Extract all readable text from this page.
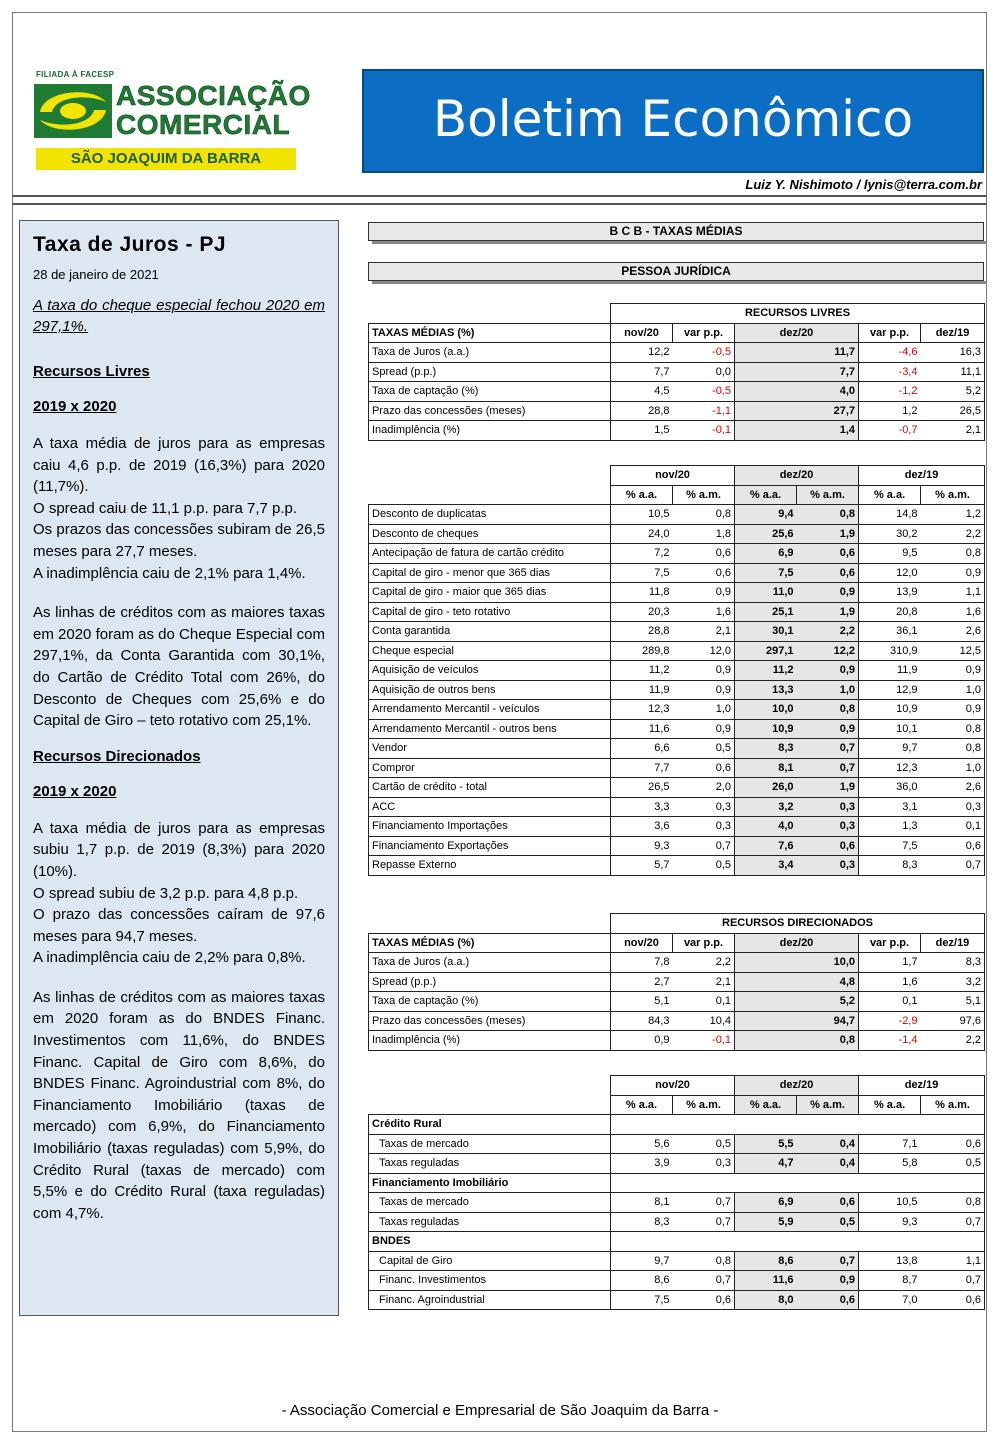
FILIADA À FACESP
ASSOCIAÇÃO
COMERCIAL
SÃO JOAQUIM DA BARRA
Boletim Econômico
Luiz Y. Nishimoto / lynis@terra.com.br
Taxa de Juros - PJ
28 de janeiro de 2021
A taxa do cheque especial fechou 2020 em 297,1%.
Recursos Livres
2019 x 2020

A taxa média de juros para as empresas caiu 4,6 p.p. de 2019 (16,3%) para 2020 (11,7%).
O spread caiu de 11,1 p.p. para 7,7 p.p.
Os prazos das concessões subiram de 26,5 meses para 27,7 meses.
A inadimplência caiu de 2,1% para 1,4%.

As linhas de créditos com as maiores taxas em 2020 foram as do Cheque Especial com 297,1%, da Conta Garantida com 30,1%, do Cartão de Crédito Total com 26%, do Desconto de Cheques com 25,6% e do Capital de Giro – teto rotativo com 25,1%.

Recursos Direcionados
2019 x 2020

A taxa média de juros para as empresas subiu 1,7 p.p. de 2019 (8,3%) para 2020 (10%).
O spread subiu de 3,2 p.p. para 4,8 p.p.
O prazo das concessões caíram de 97,6 meses para 94,7 meses.
A inadimplência caiu de 2,2% para 0,8%.

As linhas de créditos com as maiores taxas em 2020 foram as do BNDES Financ. Investimentos com 11,6%, do BNDES Financ. Capital de Giro com 8,6%, do BNDES Financ. Agroindustrial com 8%, do Financiamento Imobiliário (taxas de mercado) com 6,9%, do Financiamento Imobiliário (taxas reguladas) com 5,9%, do Crédito Rural (taxas de mercado) com 5,5% e do Crédito Rural (taxa reguladas) com 4,7%.

B C B - TAXAS MÉDIAS
PESSOA JURÍDICA
	RECURSOS LIVRES				
TAXAS MÉDIAS (%)	nov/20	var p.p.	dez/20	var p.p.	dez/19
Taxa de Juros (a.a.)	12,2	-0,5	11,7	-4,6	16,3
Spread (p.p.)	7,7	0,0	7,7	-3,4	11,1
Taxa de captação (%)	4,5	-0,5	4,0	-1,2	5,2
Prazo das concessões (meses)	28,8	-1,1	27,7	1,2	26,5
Inadimplência (%)	1,5	-0,1	1,4	-0,7	2,1
	nov/20		dez/20		dez/19	
	% a.a.	% a.m.	% a.a.	% a.m.	% a.a.	% a.m.
Desconto de duplicatas	10,5	0,8	9,4	0,8	14,8	1,2
Desconto de cheques	24,0	1,8	25,6	1,9	30,2	2,2
Antecipação de fatura de cartão crédito	7,2	0,6	6,9	0,6	9,5	0,8
Capital de giro - menor que 365 dias	7,5	0,6	7,5	0,6	12,0	0,9
Capital de giro - maior que 365 dias	11,8	0,9	11,0	0,9	13,9	1,1
Capital de giro - teto rotativo	20,3	1,6	25,1	1,9	20,8	1,6
Conta garantida	28,8	2,1	30,1	2,2	36,1	2,6
Cheque especial	289,8	12,0	297,1	12,2	310,9	12,5
Aquisição de veículos	11,2	0,9	11,2	0,9	11,9	0,9
Aquisição de outros bens	11,9	0,9	13,3	1,0	12,9	1,0
Arrendamento Mercantil - veículos	12,3	1,0	10,0	0,8	10,9	0,9
Arrendamento Mercantil - outros bens	11,6	0,9	10,9	0,9	10,1	0,8
Vendor	6,6	0,5	8,3	0,7	9,7	0,8
Compror	7,7	0,6	8,1	0,7	12,3	1,0
Cartão de crédito - total	26,5	2,0	26,0	1,9	36,0	2,6
ACC	3,3	0,3	3,2	0,3	3,1	0,3
Financiamento Importações	3,6	0,3	4,0	0,3	1,3	0,1
Financiamento Exportações	9,3	0,7	7,6	0,6	7,5	0,6
Repasse Externo	5,7	0,5	3,4	0,3	8,3	0,7
	RECURSOS DIRECIONADOS				
TAXAS MÉDIAS (%)	nov/20	var p.p.	dez/20	var p.p.	dez/19
Taxa de Juros (a.a.)	7,8	2,2	10,0	1,7	8,3
Spread (p.p.)	2,7	2,1	4,8	1,6	3,2
Taxa de captação (%)	5,1	0,1	5,2	0,1	5,1
Prazo das concessões (meses)	84,3	10,4	94,7	-2,9	97,6
Inadimplência (%)	0,9	-0,1	0,8	-1,4	2,2
	nov/20		dez/20		dez/19	
	% a.a.	% a.m.	% a.a.	% a.m.	% a.a.	% a.m.
Crédito Rural						
Taxas de mercado	5,6	0,5	5,5	0,4	7,1	0,6
Taxas reguladas	3,9	0,3	4,7	0,4	5,8	0,5
Financiamento Imobiliário						
Taxas de mercado	8,1	0,7	6,9	0,6	10,5	0,8
Taxas reguladas	8,3	0,7	5,9	0,5	9,3	0,7
BNDES						
Capital de Giro	9,7	0,8	8,6	0,7	13,8	1,1
Financ. Investimentos	8,6	0,7	11,6	0,9	8,7	0,7
Financ. Agroindustrial	7,5	0,6	8,0	0,6	7,0	0,6
- Associação Comercial e Empresarial de São Joaquim da Barra -
